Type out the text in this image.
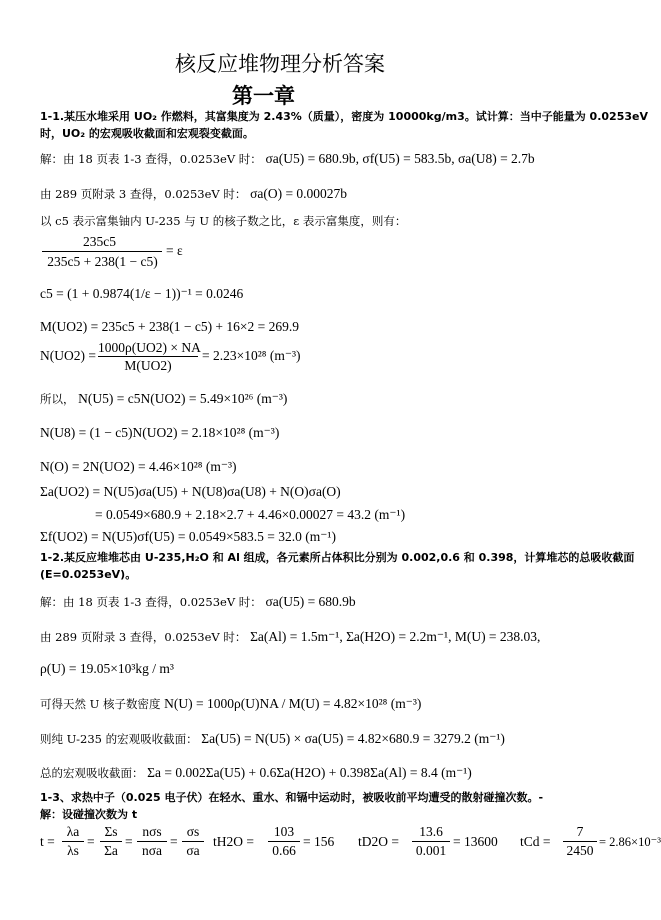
核反应堆物理分析答案
第一章
1-1.某压水堆采用 UO₂ 作燃料，其富集度为 2.43%（质量），密度为 10000kg/m3。试计算：当中子能量为 0.0253eV
时，UO₂ 的宏观吸收截面和宏观裂变截面。
解：由 18 页表 1-3 查得，0.0253eV 时： σa(U5) = 680.9b, σf(U5) = 583.5b, σa(U8) = 2.7b
由 289 页附录 3 查得，0.0253eV 时： σa(O) = 0.00027b
以 c5 表示富集铀内 U-235 与 U 的核子数之比，ε 表示富集度，则有：
235c5
235c5 + 238(1 − c5)
= ε
c5 = (1 + 0.9874(1/ε − 1))⁻¹ = 0.0246
M(UO2) = 235c5 + 238(1 − c5) + 16×2 = 269.9
N(UO2) =
1000ρ(UO2) × NA
M(UO2)
= 2.23×10²⁸ (m⁻³)
所以， N(U5) = c5N(UO2) = 5.49×10²⁶ (m⁻³)
N(U8) = (1 − c5)N(UO2) = 2.18×10²⁸ (m⁻³)
N(O) = 2N(UO2) = 4.46×10²⁸ (m⁻³)
Σa(UO2) = N(U5)σa(U5) + N(U8)σa(U8) + N(O)σa(O)
= 0.0549×680.9 + 2.18×2.7 + 4.46×0.00027 = 43.2 (m⁻¹)
Σf(UO2) = N(U5)σf(U5) = 0.0549×583.5 = 32.0 (m⁻¹)
1-2.某反应堆堆芯由 U-235,H₂O 和 Al 组成，各元素所占体积比分别为 0.002,0.6 和 0.398，计算堆芯的总吸收截面
(E=0.0253eV)。
解：由 18 页表 1-3 查得，0.0253eV 时： σa(U5) = 680.9b
由 289 页附录 3 查得，0.0253eV 时： Σa(Al) = 1.5m⁻¹, Σa(H2O) = 2.2m⁻¹, M(U) = 238.03,
ρ(U) = 19.05×10³kg / m³
可得天然 U 核子数密度 N(U) = 1000ρ(U)NA / M(U) = 4.82×10²⁸ (m⁻³)
则纯 U-235 的宏观吸收截面： Σa(U5) = N(U5) × σa(U5) = 4.82×680.9 = 3279.2 (m⁻¹)
总的宏观吸收截面： Σa = 0.002Σa(U5) + 0.6Σa(H2O) + 0.398Σa(Al) = 8.4 (m⁻¹)
1-3、求热中子（0.025 电子伏）在轻水、重水、和镉中运动时，被吸收前平均遭受的散射碰撞次数。-
解：设碰撞次数为 t
t =
λa
λs
=
Σs
Σa
=
nσs
nσa
=
σs
σa
tH2O =
103
0.66
= 156 tD2O =
13.6
0.001
= 13600 tCd =
7
2450
= 2.86×10⁻³
